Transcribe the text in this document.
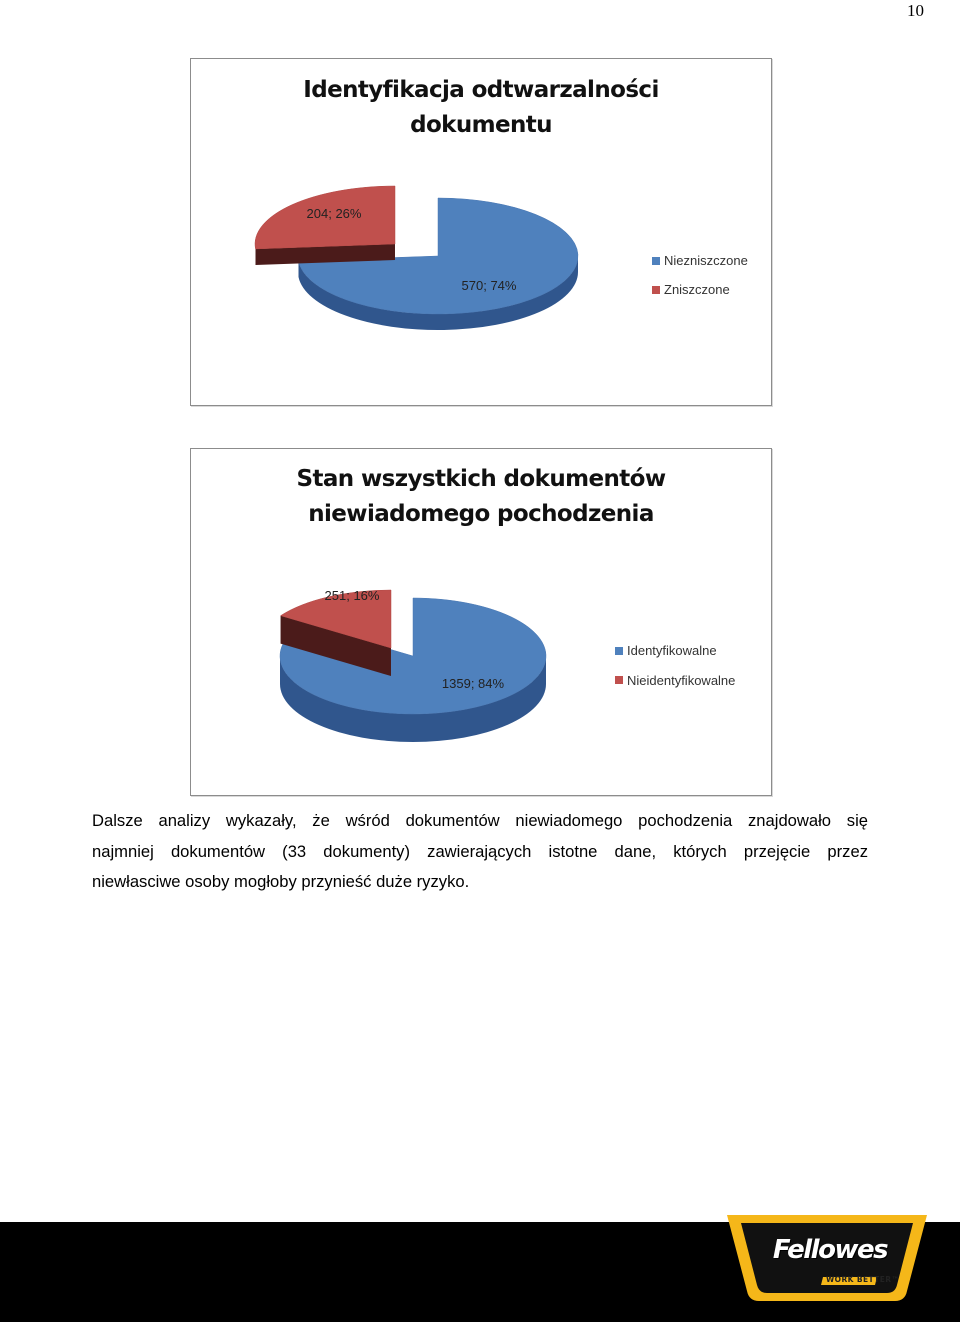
10
Identyfikacja odtwarzalności
dokumentu
570; 74%
204; 26%
Niezniszczone
Zniszczone
Stan wszystkich dokumentów
niewiadomego pochodzenia
1359; 84%
251; 16%
Identyfikowalne
Nieidentyfikowalne
Dalsze analizy wykazały, że wśród dokumentów niewiadomego pochodzenia znajdowało się
najmniej dokumentów (33 dokumenty) zawierających istotne dane, których przejęcie przez
niewłasciwe osoby mogłoby przynieść duże ryzyko.
Fellowes
WORK BETTER™
